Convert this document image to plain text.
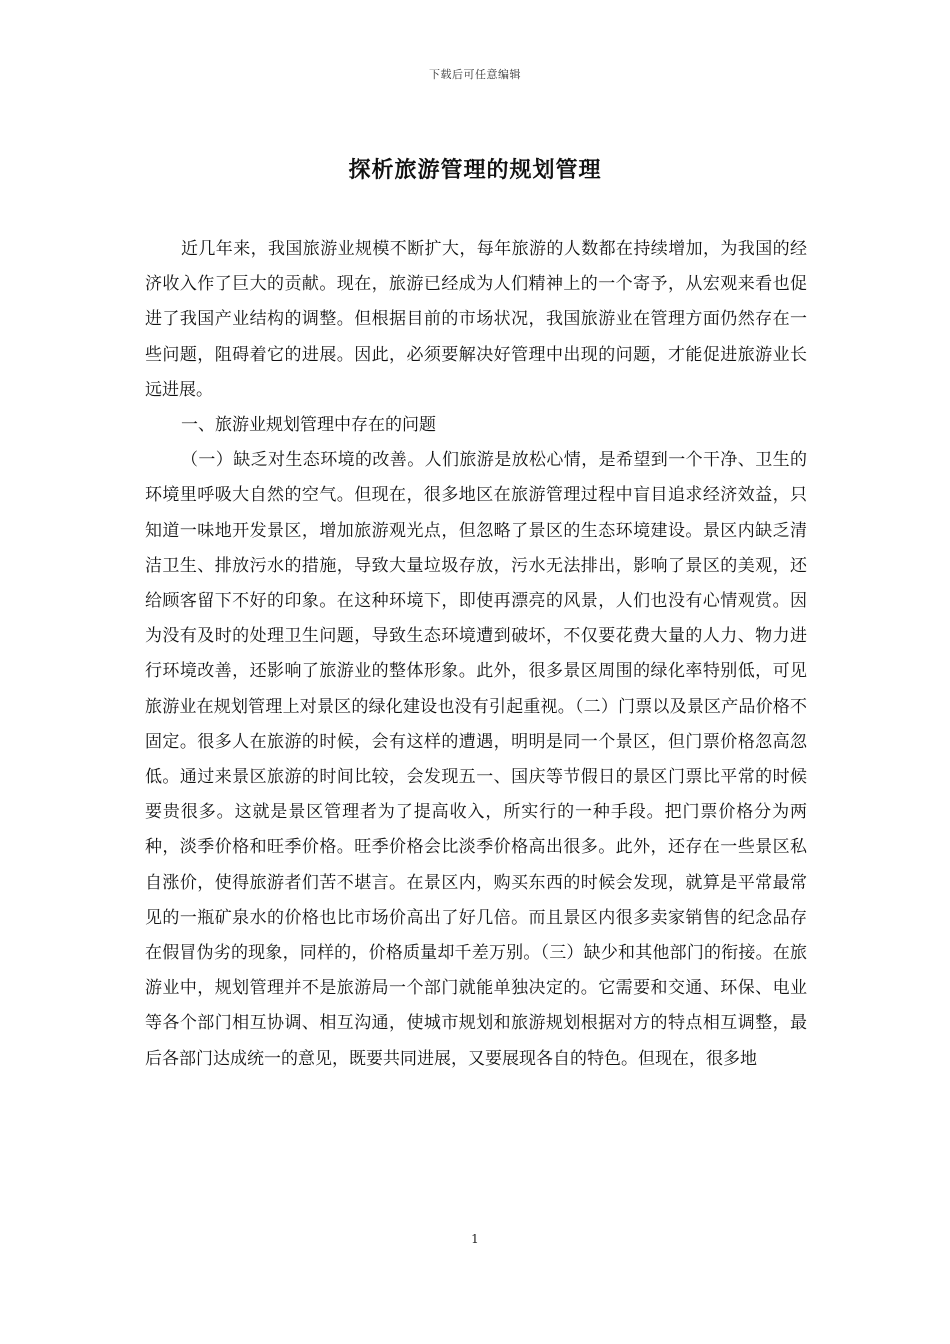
下载后可任意编辑
探析旅游管理的规划管理

近几年来，我国旅游业规模不断扩大，每年旅游的人数都在持续增加，为我国的经济收入作了巨大的贡献。现在，旅游已经成为人们精神上的一个寄予，从宏观来看也促进了我国产业结构的调整。但根据目前的市场状况，我国旅游业在管理方面仍然存在一些问题，阻碍着它的进展。因此，必须要解决好管理中出现的问题，才能促进旅游业长远进展。

一、旅游业规划管理中存在的问题

（一）缺乏对生态环境的改善。人们旅游是放松心情，是希望到一个干净、卫生的环境里呼吸大自然的空气。但现在，很多地区在旅游管理过程中盲目追求经济效益，只知道一味地开发景区，增加旅游观光点，但忽略了景区的生态环境建设。景区内缺乏清洁卫生、排放污水的措施，导致大量垃圾存放，污水无法排出，影响了景区的美观，还给顾客留下不好的印象。在这种环境下，即使再漂亮的风景，人们也没有心情观赏。因为没有及时的处理卫生问题，导致生态环境遭到破坏，不仅要花费大量的人力、物力进行环境改善，还影响了旅游业的整体形象。此外，很多景区周围的绿化率特别低，可见旅游业在规划管理上对景区的绿化建设也没有引起重视。（二）门票以及景区产品价格不固定。很多人在旅游的时候，会有这样的遭遇，明明是同一个景区，但门票价格忽高忽低。通过来景区旅游的时间比较，会发现五一、国庆等节假日的景区门票比平常的时候要贵很多。这就是景区管理者为了提高收入，所实行的一种手段。把门票价格分为两种，淡季价格和旺季价格。旺季价格会比淡季价格高出很多。此外，还存在一些景区私自涨价，使得旅游者们苦不堪言。在景区内，购买东西的时候会发现，就算是平常最常见的一瓶矿泉水的价格也比市场价高出了好几倍。而且景区内很多卖家销售的纪念品存在假冒伪劣的现象，同样的，价格质量却千差万别。（三）缺少和其他部门的衔接。在旅游业中，规划管理并不是旅游局一个部门就能单独决定的。它需要和交通、环保、电业等各个部门相互协调、相互沟通，使城市规划和旅游规划根据对方的特点相互调整，最后各部门达成统一的意见，既要共同进展，又要展现各自的特色。但现在，很多地

1
